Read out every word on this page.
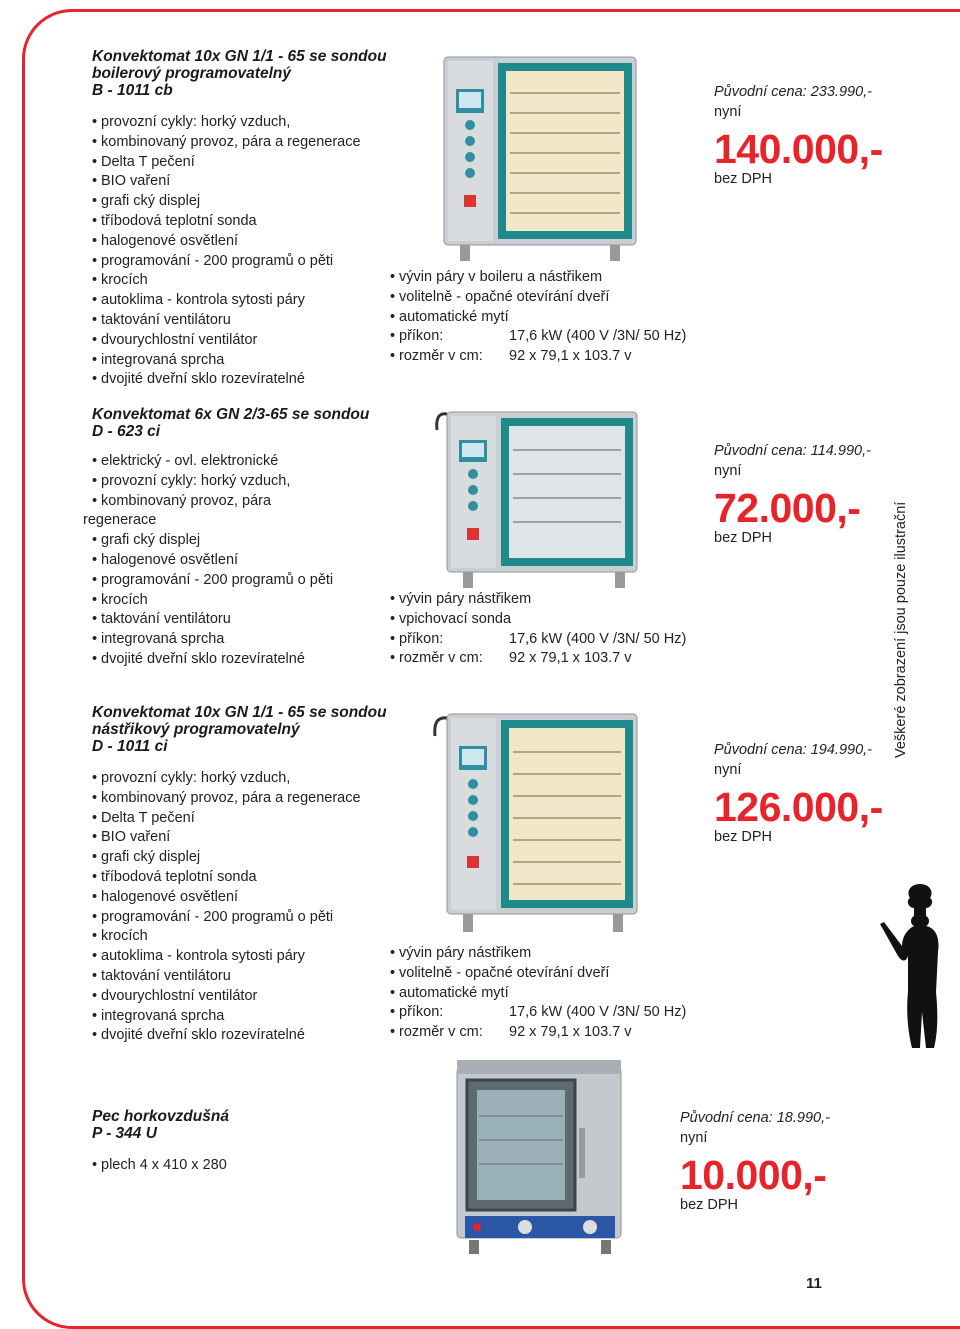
Konvektomat 10x GN 1/1 - 65 se sondou
boilerový programovatelný
B - 1011 cb

• provozní cykly: horký vzduch,
• kombinovaný provoz, pára a regenerace
• Delta T pečení
• BIO vaření
• grafi cký displej
• tříbodová teplotní sonda
• halogenové osvětlení
• programování - 200 programů o pěti
• krocích
• autoklima - kontrola sytosti páry
• taktování ventilátoru
• dvourychlostní ventilátor
• integrovaná sprcha
• dvojité dveřní sklo rozevíratelné
• vývin páry v boileru a nástřikem
• volitelně - opačné otevírání dveří
• automatické mytí
• příkon:	17,6 kW (400 V /3N/ 50 Hz)
• rozměr v cm: 92 x 79,1 x 103.7 v
Původní cena: 233.990,-
nyní
140.000,-
bez DPH

Konvektomat 6x GN 2/3-65 se sondou
D - 623 ci

• elektrický - ovl. elektronické
• provozní cykly: horký vzduch,
• kombinovaný provoz, pára
regenerace
• grafi cký displej
• halogenové osvětlení
• programování - 200 programů o pěti
• krocích
• taktování ventilátoru
• integrovaná sprcha
• dvojité dveřní sklo rozevíratelné
• vývin páry nástřikem
• vpichovací sonda
• příkon:	17,6 kW (400 V /3N/ 50 Hz)
• rozměr v cm: 92 x 79,1 x 103.7 v
Původní cena: 114.990,-
nyní
72.000,-
bez DPH

Konvektomat 10x GN 1/1 - 65 se sondou
nástřikový programovatelný
D - 1011 ci

• provozní cykly: horký vzduch,
• kombinovaný provoz, pára a regenerace
• Delta T pečení
• BIO vaření
• grafi cký displej
• tříbodová teplotní sonda
• halogenové osvětlení
• programování - 200 programů o pěti
• krocích
• autoklima - kontrola sytosti páry
• taktování ventilátoru
• dvourychlostní ventilátor
• integrovaná sprcha
• dvojité dveřní sklo rozevíratelné
• vývin páry nástřikem
• volitelně - opačné otevírání dveří
• automatické mytí
• příkon:	17,6 kW (400 V /3N/ 50 Hz)
• rozměr v cm: 92 x 79,1 x 103.7 v
Původní cena: 194.990,-
nyní
126.000,-
bez DPH

Pec horkovzdušná
P - 344 U

• plech 4 x 410 x 280
Původní cena: 18.990,-
nyní
10.000,-
bez DPH
Veškeré zobrazení jsou pouze ilustrační
11
